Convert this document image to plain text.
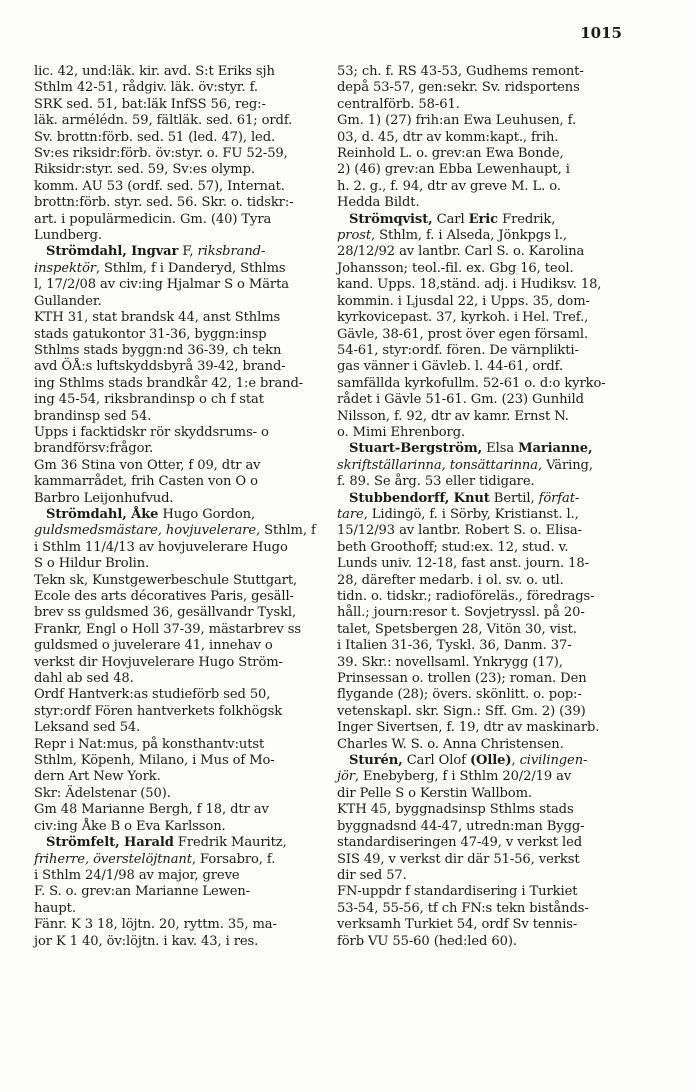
1015
lic. 42, und:läk. kir. avd. S:t Eriks sjh
Sthlm 42-51, rådgiv. läk. öv:styr. f.
SRK sed. 51, bat:läk InfSS 56, reg:-
läk. armélédn. 59, fältläk. sed. 61; ordf.
Sv. brottn:förb. sed. 51 (led. 47), led.
Sv:es riksidr:förb. öv:styr. o. FU 52-59,
Riksidr:styr. sed. 59, Sv:es olymp.
komm. AU 53 (ordf. sed. 57), Internat.
brottn:förb. styr. sed. 56. Skr. o. tidskr:-
art. i populärmedicin. Gm. (40) Tyra
Lundberg.
Strömdahl, Ingvar F, riksbrand-
inspektör, Sthlm, f i Danderyd, Sthlms
l, 17/2/08 av civ:ing Hjalmar S o Märta
Gullander.
KTH 31, stat brandsk 44, anst Sthlms
stads gatukontor 31-36, byggn:insp
Sthlms stads byggn:nd 36-39, ch tekn
avd ÖÅ:s luftskyddsbyrå 39-42, brand-
ing Sthlms stads brandkår 42, 1:e brand-
ing 45-54, riksbrandinsp o ch f stat
brandinsp sed 54.
Upps i facktidskr rör skyddsrums- o
brandförsv:frågor.
Gm 36 Stina von Otter, f 09, dtr av
kammarrådet, frih Casten von O o
Barbro Leijonhufvud.
Strömdahl, Åke Hugo Gordon,
guldsmedsmästare, hovjuvelerare, Sthlm, f
i Sthlm 11/4/13 av hovjuvelerare Hugo
S o Hildur Brolin.
Tekn sk, Kunstgewerbeschule Stuttgart,
Ecole des arts décoratives Paris, gesäll-
brev ss guldsmed 36, gesällvandr Tyskl,
Frankr, Engl o Holl 37-39, mästarbrev ss
guldsmed o juvelerare 41, innehav o
verkst dir Hovjuvelerare Hugo Ström-
dahl ab sed 48.
Ordf Hantverk:as studieförb sed 50,
styr:ordf Fören hantverkets folkhögsk
Leksand sed 54.
Repr i Nat:mus, på konsthantv:utst
Sthlm, Köpenh, Milano, i Mus of Mo-
dern Art New York.
Skr: Ädelstenar (50).
Gm 48 Marianne Bergh, f 18, dtr av
civ:ing Åke B o Eva Karlsson.
Strömfelt, Harald Fredrik Mauritz,
friherre, överstelöjtnant, Forsabro, f.
i Sthlm 24/1/98 av major, greve
F. S. o. grev:an Marianne Lewen-
haupt.
Fänr. K 3 18, löjtn. 20, ryttm. 35, ma-
jor K 1 40, öv:löjtn. i kav. 43, i res.
53; ch. f. RS 43-53, Gudhems remont-
depå 53-57, gen:sekr. Sv. ridsportens
centralförb. 58-61.
Gm. 1) (27) frih:an Ewa Leuhusen, f.
03, d. 45, dtr av komm:kapt., frih.
Reinhold L. o. grev:an Ewa Bonde,
2) (46) grev:an Ebba Lewenhaupt, i
h. 2. g., f. 94, dtr av greve M. L. o.
Hedda Bildt.
Strömqvist, Carl Eric Fredrik,
prost, Sthlm, f. i Alseda, Jönkpgs l.,
28/12/92 av lantbr. Carl S. o. Karolina
Johansson; teol.-fil. ex. Gbg 16, teol.
kand. Upps. 18,ständ. adj. i Hudiksv. 18,
kommin. i Ljusdal 22, i Upps. 35, dom-
kyrkovicepast. 37, kyrkoh. i Hel. Tref.,
Gävle, 38-61, prost över egen församl.
54-61, styr:ordf. fören. De värnplikti-
gas vänner i Gävleb. l. 44-61, ordf.
samfällda kyrkofullm. 52-61 o. d:o kyrko-
rådet i Gävle 51-61. Gm. (23) Gunhild
Nilsson, f. 92, dtr av kamr. Ernst N.
o. Mimi Ehrenborg.
Stuart-Bergström, Elsa Marianne,
skriftställarinna, tonsättarinna, Väring,
f. 89. Se årg. 53 eller tidigare.
Stubbendorff, Knut Bertil, förfat-
tare, Lidingö, f. i Sörby, Kristianst. l.,
15/12/93 av lantbr. Robert S. o. Elisa-
beth Groothoff; stud:ex. 12, stud. v.
Lunds univ. 12-18, fast anst. journ. 18-
28, därefter medarb. i ol. sv. o. utl.
tidn. o. tidskr.; radioföreläs., föredrags-
håll.; journ:resor t. Sovjetryssl. på 20-
talet, Spetsbergen 28, Vitön 30, vist.
i Italien 31-36, Tyskl. 36, Danm. 37-
39. Skr.: novellsaml. Ynkrygg (17),
Prinsessan o. trollen (23); roman. Den
flygande (28); övers. skönlitt. o. pop:-
vetenskapl. skr. Sign.: Sff. Gm. 2) (39)
Inger Sivertsen, f. 19, dtr av maskinarb.
Charles W. S. o. Anna Christensen.
Sturén, Carl Olof (Olle), civilingen-
jör, Enebyberg, f i Sthlm 20/2/19 av
dir Pelle S o Kerstin Wallbom.
KTH 45, byggnadsinsp Sthlms stads
byggnadsnd 44-47, utredn:man Bygg-
standardiseringen 47-49, v verkst led
SIS 49, v verkst dir där 51-56, verkst
dir sed 57.
FN-uppdr f standardisering i Turkiet
53-54, 55-56, tf ch FN:s tekn bistånds-
verksamh Turkiet 54, ordf Sv tennis-
förb VU 55-60 (hed:led 60).
